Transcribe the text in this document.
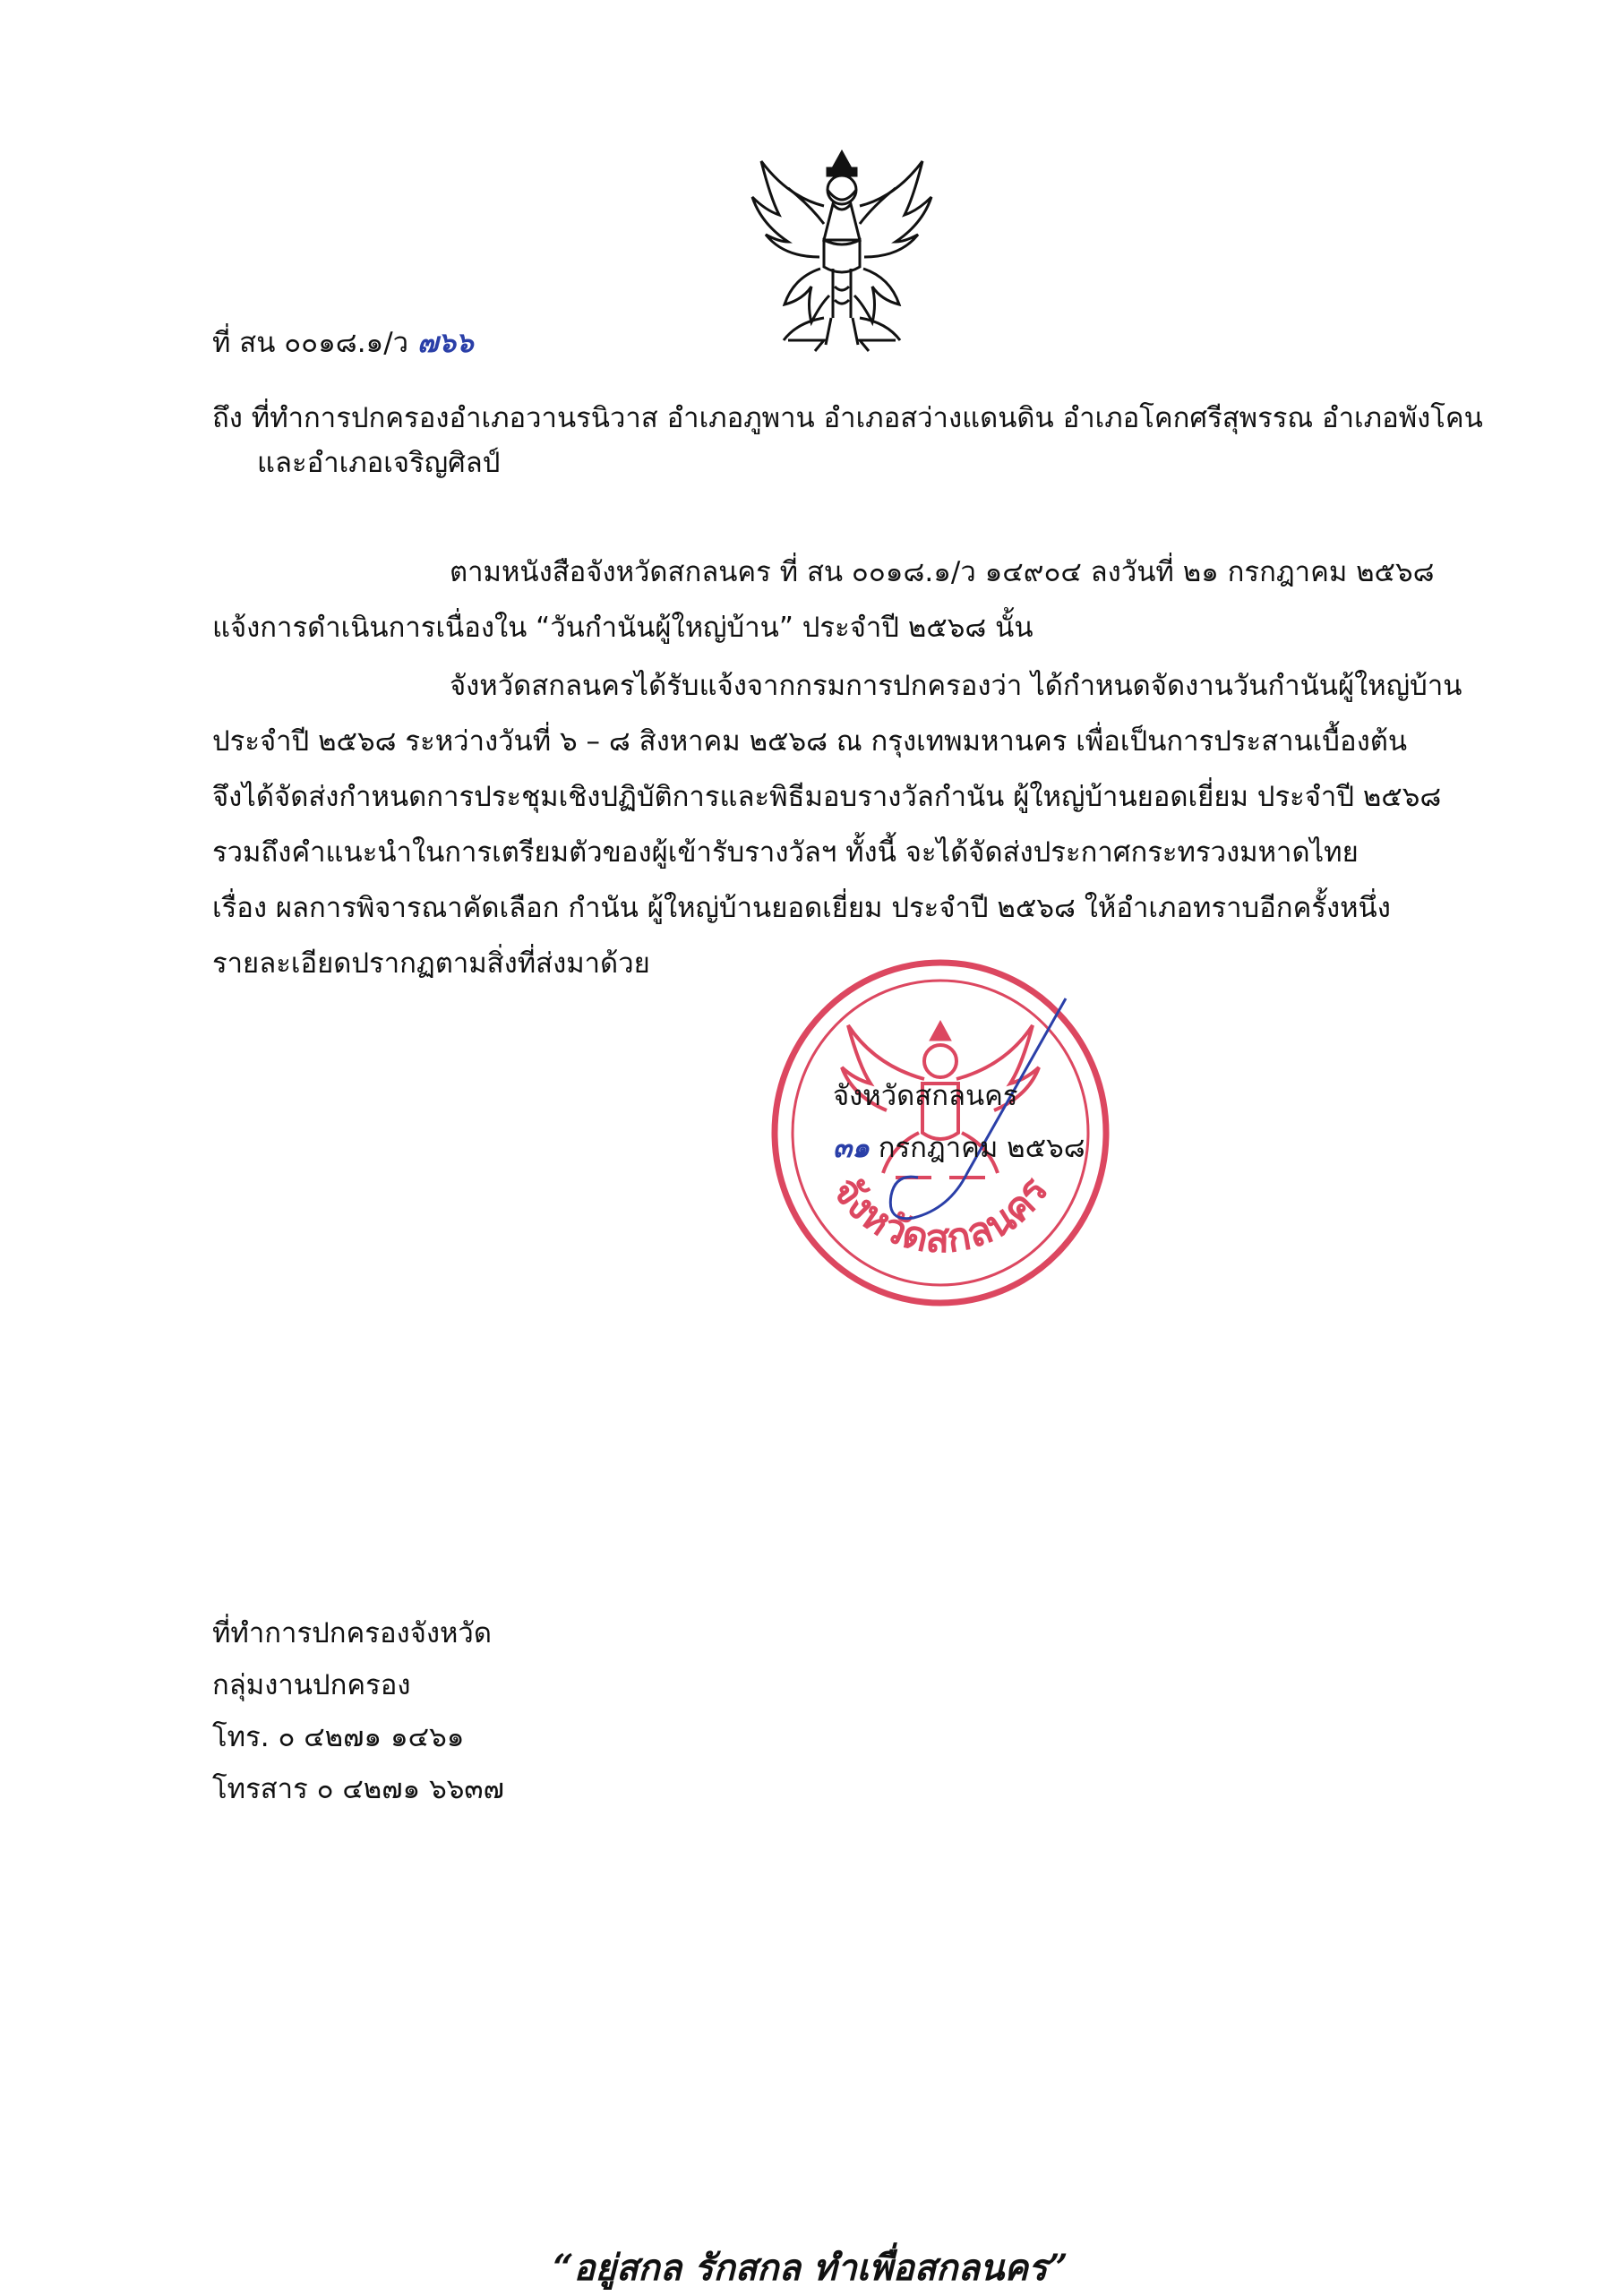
ที่ สน ๐๐๑๘.๑/ว ๗๖๖
ถึง ที่ทำการปกครองอำเภอวานรนิวาส อำเภอภูพาน อำเภอสว่างแดนดิน อำเภอโคกศรีสุพรรณ อำเภอพังโคน
และอำเภอเจริญศิลป์
ตามหนังสือจังหวัดสกลนคร ที่ สน ๐๐๑๘.๑/ว ๑๔๙๐๔ ลงวันที่ ๒๑ กรกฎาคม ๒๕๖๘
แจ้งการดำเนินการเนื่องใน “วันกำนันผู้ใหญ่บ้าน” ประจำปี ๒๕๖๘ นั้น
จังหวัดสกลนครได้รับแจ้งจากกรมการปกครองว่า ได้กำหนดจัดงานวันกำนันผู้ใหญ่บ้าน
ประจำปี ๒๕๖๘ ระหว่างวันที่ ๖ – ๘ สิงหาคม ๒๕๖๘ ณ กรุงเทพมหานคร เพื่อเป็นการประสานเบื้องต้น
จึงได้จัดส่งกำหนดการประชุมเชิงปฏิบัติการและพิธีมอบรางวัลกำนัน ผู้ใหญ่บ้านยอดเยี่ยม ประจำปี ๒๕๖๘
รวมถึงคำแนะนำในการเตรียมตัวของผู้เข้ารับรางวัลฯ ทั้งนี้ จะได้จัดส่งประกาศกระทรวงมหาดไทย
เรื่อง ผลการพิจารณาคัดเลือก กำนัน ผู้ใหญ่บ้านยอดเยี่ยม ประจำปี ๒๕๖๘ ให้อำเภอทราบอีกครั้งหนึ่ง
รายละเอียดปรากฏตามสิ่งที่ส่งมาด้วย
จังหวัดสกลนคร
จังหวัดสกลนคร
๓๑ กรกฎาคม ๒๕๖๘
ที่ทำการปกครองจังหวัด
กลุ่มงานปกครอง
โทร. ๐ ๔๒๗๑ ๑๔๖๑
โทรสาร ๐ ๔๒๗๑ ๖๖๓๗
“อยู่สกล รักสกล ทำเพื่อสกลนคร”
